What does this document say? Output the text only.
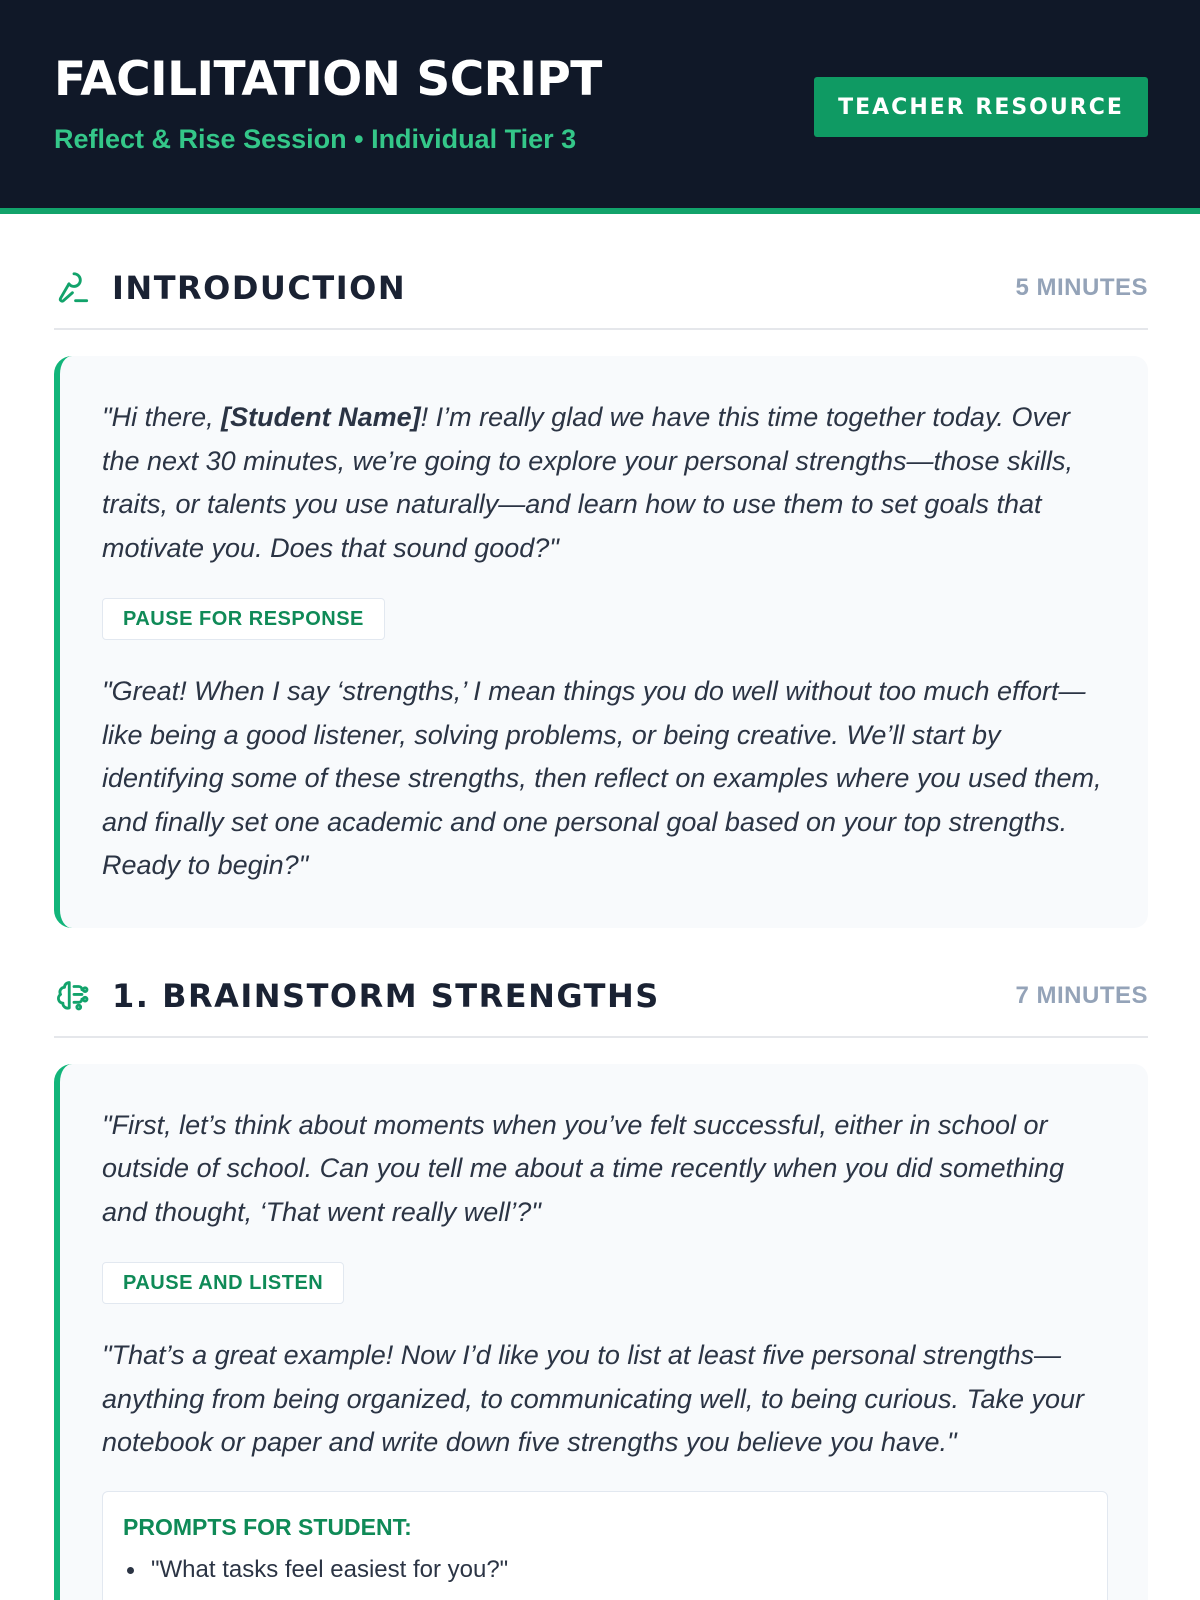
FACILITATION SCRIPT
Reflect & Rise Session • Individual Tier 3
TEACHER RESOURCE
INTRODUCTION	5 MINUTES

"Hi there, [Student Name]! I’m really glad we have this time together today. Over the next 30 minutes, we’re going to explore your personal strengths—those skills, traits, or talents you use naturally—and learn how to use them to set goals that motivate you. Does that sound good?"

PAUSE FOR RESPONSE

"Great! When I say ‘strengths,’ I mean things you do well without too much effort—like being a good listener, solving problems, or being creative. We’ll start by identifying some of these strengths, then reflect on examples where you used them, and finally set one academic and one personal goal based on your top strengths. Ready to begin?"

1. BRAINSTORM STRENGTHS	7 MINUTES

"First, let’s think about moments when you’ve felt successful, either in school or outside of school. Can you tell me about a time recently when you did something and thought, ‘That went really well’?"

PAUSE AND LISTEN

"That’s a great example! Now I’d like you to list at least five personal strengths—anything from being organized, to communicating well, to being curious. Take your notebook or paper and write down five strengths you believe you have."

PROMPTS FOR STUDENT:
"What tasks feel easiest for you?"
